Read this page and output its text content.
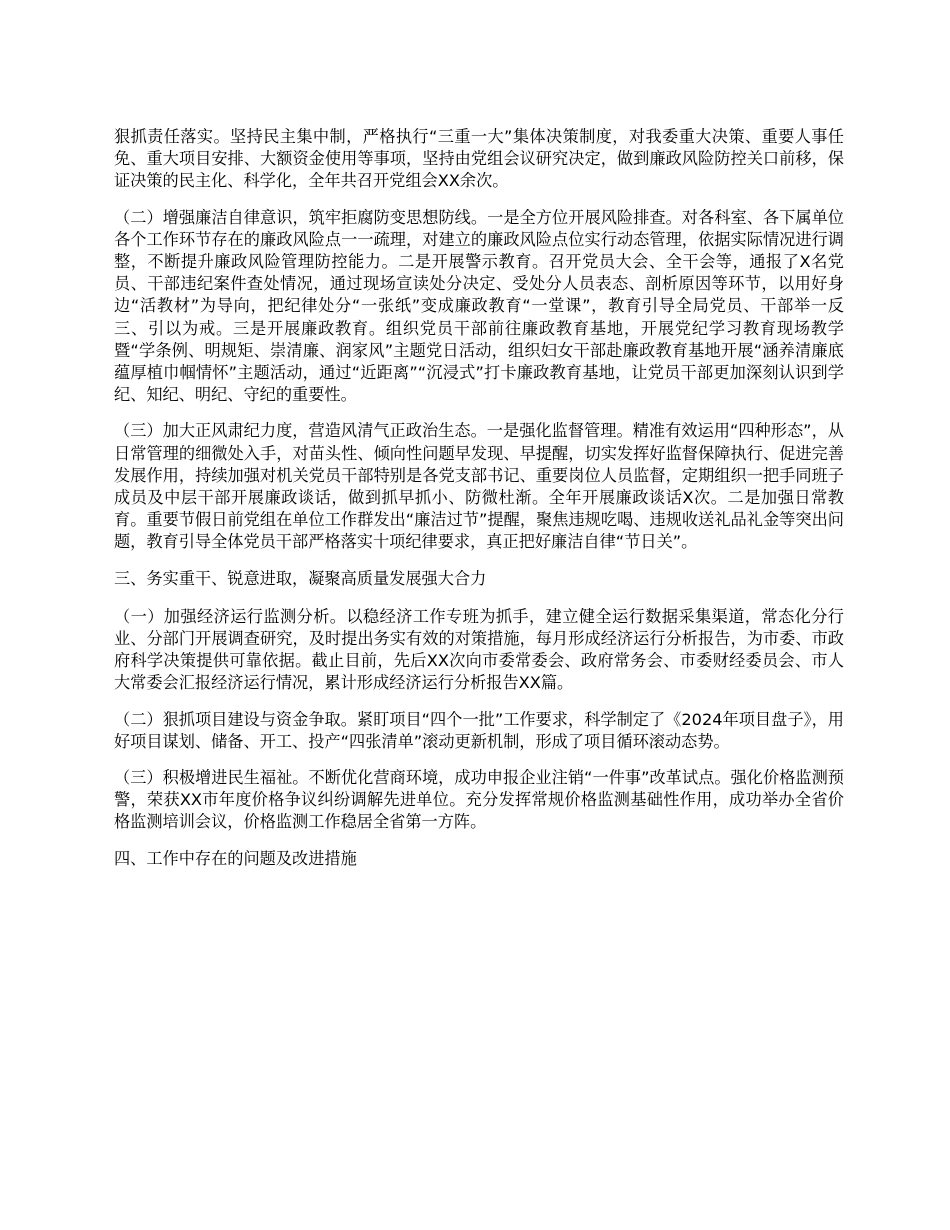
狠抓责任落实。坚持民主集中制，严格执行“三重一大”集体决策制度，对我委重大决策、重要人事任免、重大项目安排、大额资金使用等事项，坚持由党组会议研究决定，做到廉政风险防控关口前移，保证决策的民主化、科学化，全年共召开党组会XX余次。

（二）增强廉洁自律意识，筑牢拒腐防变思想防线。一是全方位开展风险排查。对各科室、各下属单位各个工作环节存在的廉政风险点一一疏理，对建立的廉政风险点位实行动态管理，依据实际情况进行调整，不断提升廉政风险管理防控能力。二是开展警示教育。召开党员大会、全干会等，通报了X名党员、干部违纪案件查处情况，通过现场宣读处分决定、受处分人员表态、剖析原因等环节，以用好身边“活教材”为导向，把纪律处分“一张纸”变成廉政教育“一堂课”，教育引导全局党员、干部举一反三、引以为戒。三是开展廉政教育。组织党员干部前往廉政教育基地，开展党纪学习教育现场教学暨“学条例、明规矩、崇清廉、润家风”主题党日活动，组织妇女干部赴廉政教育基地开展“涵养清廉底蕴厚植巾帼情怀”主题活动，通过“近距离”“沉浸式”打卡廉政教育基地，让党员干部更加深刻认识到学纪、知纪、明纪、守纪的重要性。

（三）加大正风肃纪力度，营造风清气正政治生态。一是强化监督管理。精准有效运用“四种形态”，从日常管理的细微处入手，对苗头性、倾向性问题早发现、早提醒，切实发挥好监督保障执行、促进完善发展作用，持续加强对机关党员干部特别是各党支部书记、重要岗位人员监督，定期组织一把手同班子成员及中层干部开展廉政谈话，做到抓早抓小、防微杜渐。全年开展廉政谈话X次。二是加强日常教育。重要节假日前党组在单位工作群发出“廉洁过节”提醒，聚焦违规吃喝、违规收送礼品礼金等突出问题，教育引导全体党员干部严格落实十项纪律要求，真正把好廉洁自律“节日关”。

三、务实重干、锐意进取，凝聚高质量发展强大合力

（一）加强经济运行监测分析。以稳经济工作专班为抓手，建立健全运行数据采集渠道，常态化分行业、分部门开展调查研究，及时提出务实有效的对策措施，每月形成经济运行分析报告，为市委、市政府科学决策提供可靠依据。截止目前，先后XX次向市委常委会、政府常务会、市委财经委员会、市人大常委会汇报经济运行情况，累计形成经济运行分析报告XX篇。

（二）狠抓项目建设与资金争取。紧盯项目“四个一批”工作要求，科学制定了《2024年项目盘子》，用好项目谋划、储备、开工、投产“四张清单”滚动更新机制，形成了项目循环滚动态势。

（三）积极增进民生福祉。不断优化营商环境，成功申报企业注销“一件事”改革试点。强化价格监测预警，荣获XX市年度价格争议纠纷调解先进单位。充分发挥常规价格监测基础性作用，成功举办全省价格监测培训会议，价格监测工作稳居全省第一方阵。

四、工作中存在的问题及改进措施
